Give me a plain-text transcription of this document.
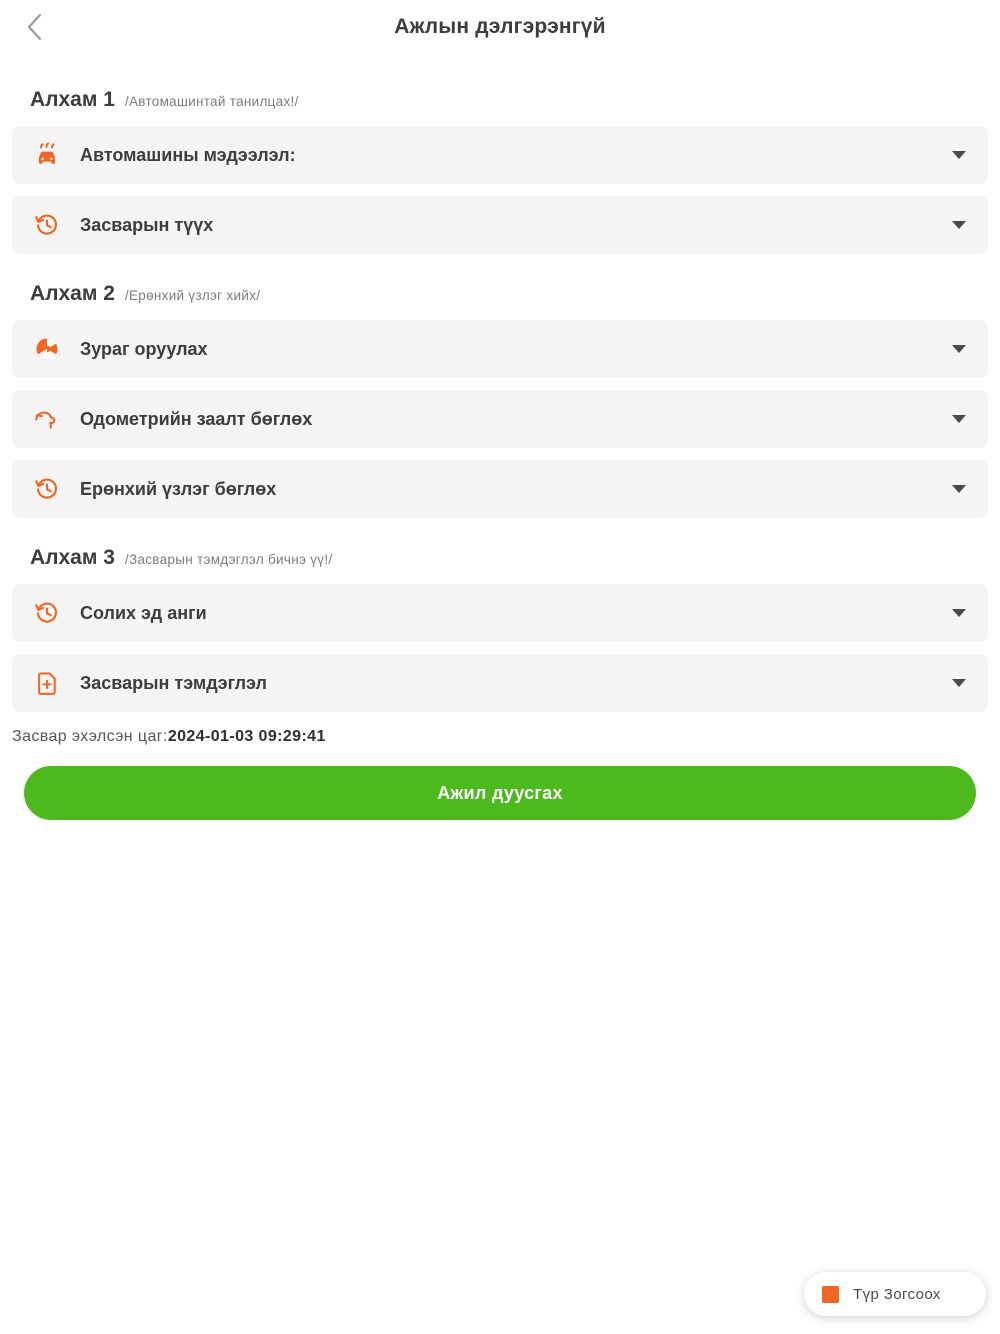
Ажлын дэлгэрэнгүй
Алхам 1 /Автомашинтай танилцах!/
Автомашины мэдээлэл:
Засварын түүх
Алхам 2 /Ерөнхий үзлэг хийх/
Зураг оруулах
Одометрийн заалт бөглөх
Ерөнхий үзлэг бөглөх
Алхам 3 /Засварын тэмдэглэл бичнэ үү!/
Солих эд анги
Засварын тэмдэглэл
Засвар эхэлсэн цаг:2024-01-03 09:29:41
Ажил дуусгах
Түр Зогсоох
